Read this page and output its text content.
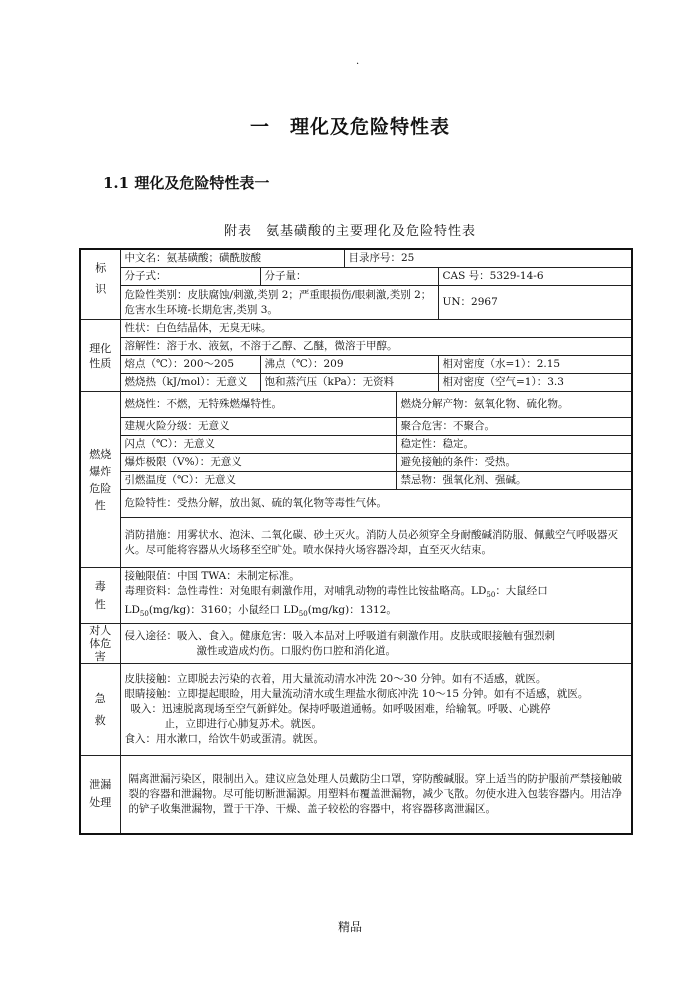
.
一　理化及危险特性表
1.1 理化及危险特性表一
附表　氨基磺酸的主要理化及危险特性表
标识	中文名：氨基磺酸；磺酰胺酸		目录序号：25		
	分子式：	分子量：			CAS 号：5329-14-6
	危险性类别：皮肤腐蚀/刺激,类别 2；严重眼损伤/眼刺激,类别 2；危害水生环境-长期危害,类别 3。				UN：2967

理化性质	性状：白色结晶体，无臭无味。				
	溶解性：溶于水、液氨，不溶于乙醇、乙醚，微溶于甲醇。				
	熔点（℃）：200～205	沸点（℃）：209			相对密度（水=1）：2.15
	燃烧热（kJ/mol）：无意义	饱和蒸汽压（kPa）：无资料			相对密度（空气=1）：3.3

燃烧爆炸危险性	燃烧性：不燃，无特殊燃爆特性。			燃烧分解产物：氨氧化物、硫化物。	
	建规火险分级：无意义			聚合危害：不聚合。	
	闪点（℃）：无意义			稳定性：稳定。	
	爆炸极限（V%）：无意义			避免接触的条件：受热。	
	引燃温度（℃）：无意义			禁忌物：强氧化剂、强碱。	
	危险特性：受热分解，放出氮、硫的氧化物等毒性气体。				
	消防措施：用雾状水、泡沫、二氧化碳、砂土灭火。消防人员必须穿全身耐酸碱消防服、佩戴空气呼吸器灭火。尽可能将容器从火场移至空旷处。喷水保持火场容器冷却，直至灭火结束。				

毒性	接触限值：中国 TWA：未制定标准。
毒理资料：急性毒性：对兔眼有刺激作用，对哺乳动物的毒性比铵盐略高。$LD_{50}$：大鼠经口 $LD_{50}(mg/kg)$：3160；小鼠经口 $LD_{50}(mg/kg)$：1312。				

对人体危害	侵入途径：吸入、食入。健康危害：吸入本品对上呼吸道有刺激作用。皮肤或眼接触有强烈刺
激性或造成灼伤。口服灼伤口腔和消化道。				

急救	皮肤接触：立即脱去污染的衣着，用大量流动清水冲洗 20～30 分钟。如有不适感，就医。
眼睛接触：立即提起眼睑，用大量流动清水或生理盐水彻底冲洗 10～15 分钟。如有不适感，就医。
吸入：迅速脱离现场至空气新鲜处。保持呼吸道通畅。如呼吸困难，给输氧。呼吸、心跳停
止，立即进行心肺复苏术。就医。
食入：用水漱口，给饮牛奶或蛋清。就医。				

泄漏处理	隔离泄漏污染区，限制出入。建议应急处理人员戴防尘口罩，穿防酸碱服。穿上适当的防护服前严禁接触破裂的容器和泄漏物。尽可能切断泄漏源。用塑料布覆盖泄漏物，减少飞散。勿使水进入包装容器内。用洁净的铲子收集泄漏物，置于干净、干燥、盖子较松的容器中，将容器移离泄漏区。				
精品
